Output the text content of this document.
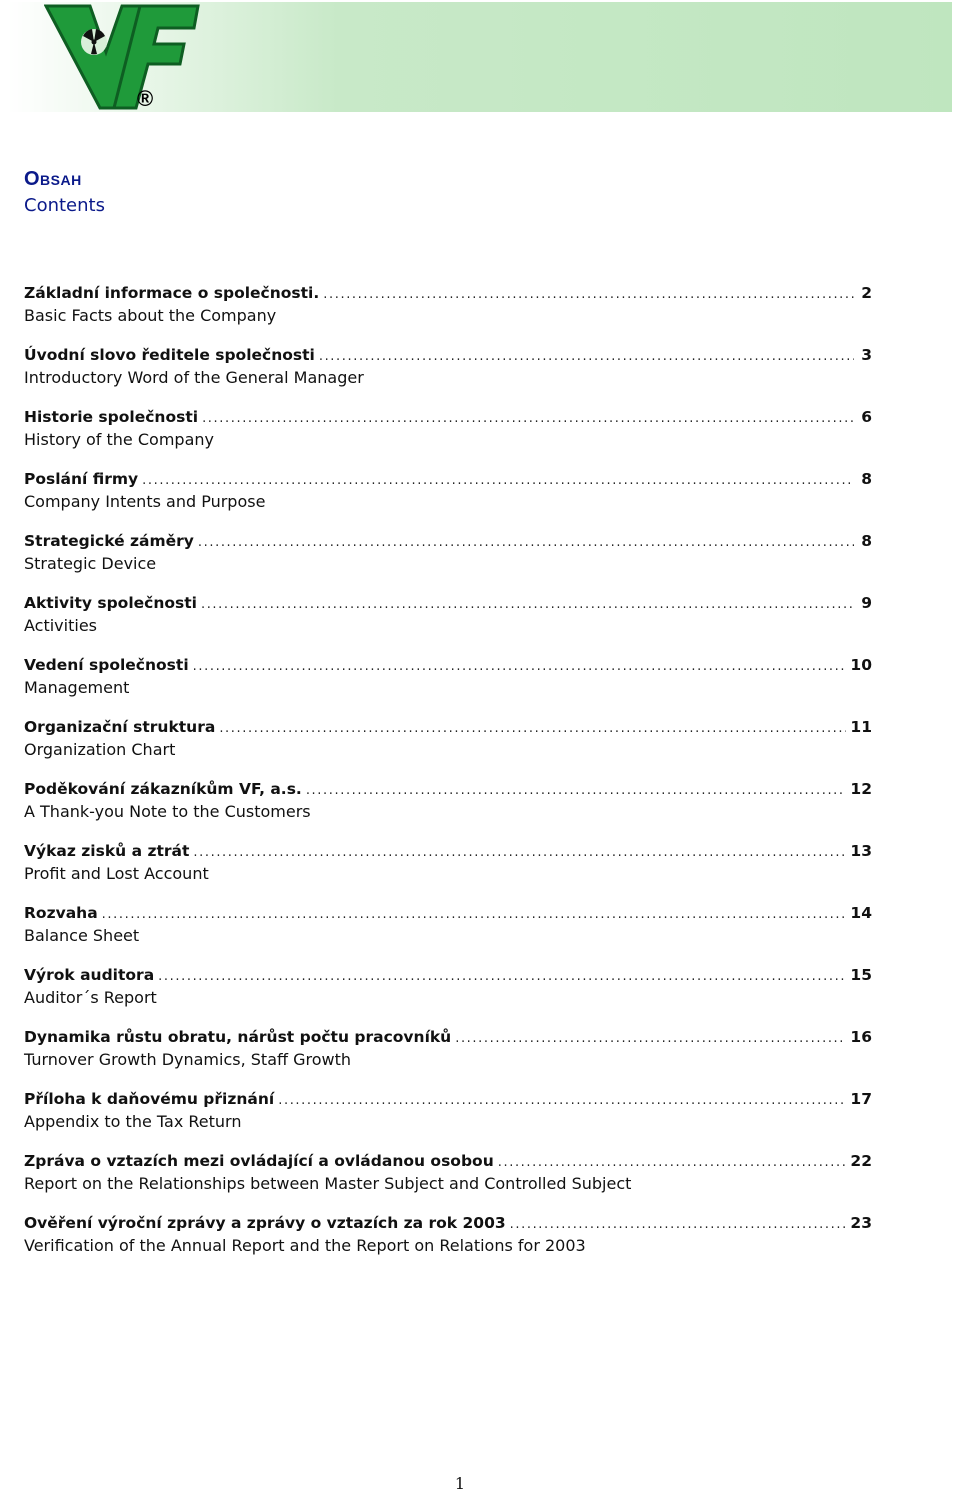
®
Obsah
Contents
Základní informace o společnosti. .....	2
Basic Facts about the Company
Úvodní slovo ředitele společnosti .....	3
Introductory Word of the General Manager
Historie společnosti .....	6
History of the Company
Poslání firmy .....	8
Company Intents and Purpose
Strategické záměry .....	8
Strategic Device
Aktivity společnosti .....	9
Activities
Vedení společnosti .....	10
Management
Organizační struktura .....	11
Organization Chart
Poděkování zákazníkům VF, a.s. .....	12
A Thank-you Note to the Customers
Výkaz zisků a ztrát .....	13
Profit and Lost Account
Rozvaha .....	14
Balance Sheet
Výrok auditora .....	15
Auditor´s Report
Dynamika růstu obratu, nárůst počtu pracovníků .....	16
Turnover Growth Dynamics, Staff Growth
Příloha k daňovému přiznání .....	17
Appendix to the Tax Return
Zpráva o vztazích mezi ovládající a ovládanou osobou .....	22
Report on the Relationships between Master Subject and Controlled Subject
Ověření výroční zprávy a zprávy o vztazích za rok 2003 .....	23
Verification of the Annual Report and the Report on Relations for 2003
1
